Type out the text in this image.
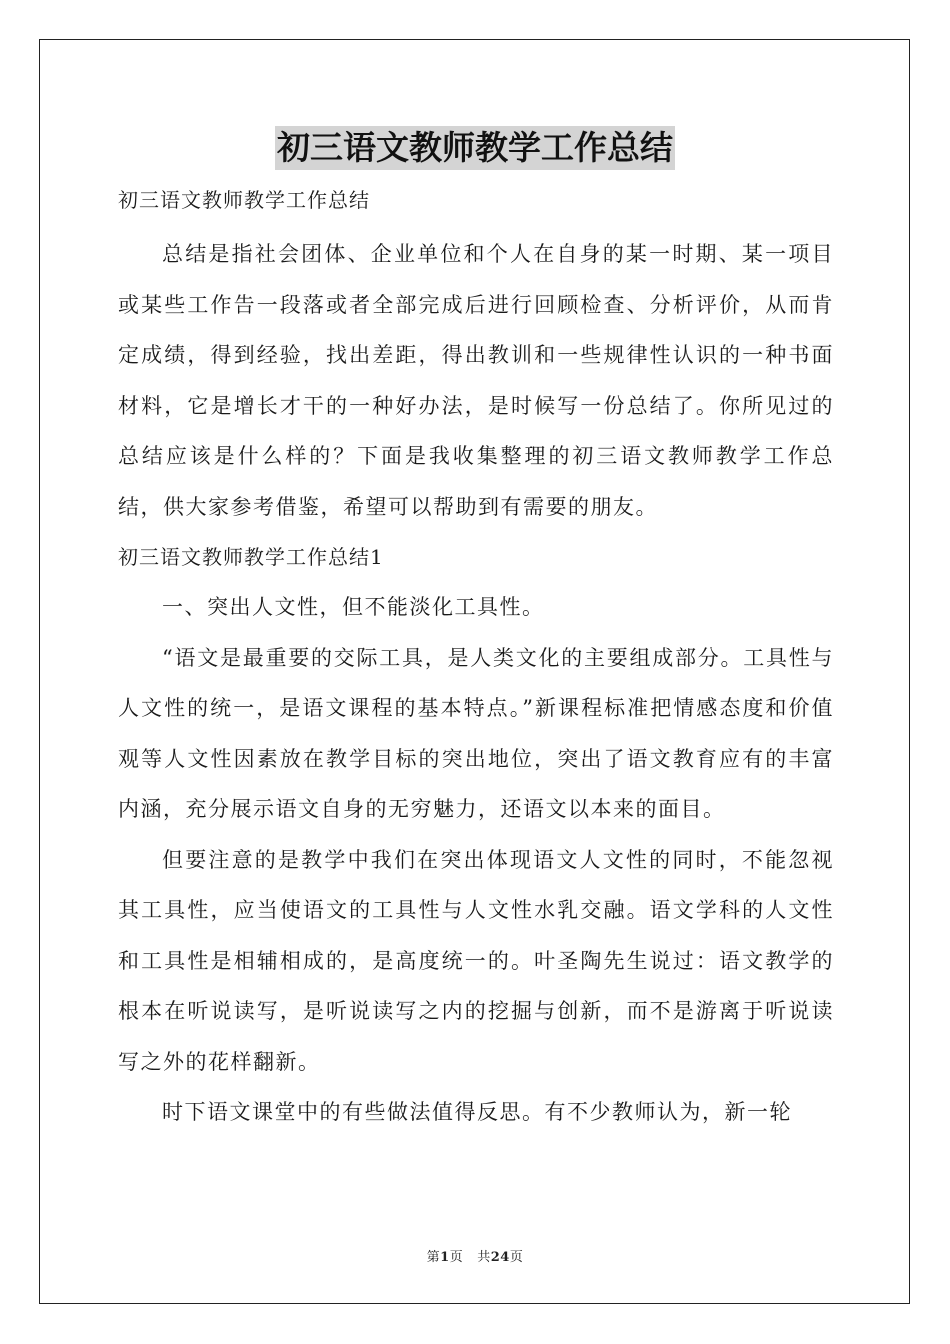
初三语文教师教学工作总结

初三语文教师教学工作总结

总结是指社会团体、企业单位和个人在自身的某一时期、某一项目或某些工作告一段落或者全部完成后进行回顾检查、分析评价，从而肯定成绩，得到经验，找出差距，得出教训和一些规律性认识的一种书面材料，它是增长才干的一种好办法，是时候写一份总结了。你所见过的总结应该是什么样的？下面是我收集整理的初三语文教师教学工作总结，供大家参考借鉴，希望可以帮助到有需要的朋友。

初三语文教师教学工作总结1

一、突出人文性，但不能淡化工具性。

“语文是最重要的交际工具，是人类文化的主要组成部分。工具性与人文性的统一，是语文课程的基本特点。”新课程标准把情感态度和价值观等人文性因素放在教学目标的突出地位，突出了语文教育应有的丰富内涵，充分展示语文自身的无穷魅力，还语文以本来的面目。

但要注意的是教学中我们在突出体现语文人文性的同时，不能忽视其工具性，应当使语文的工具性与人文性水乳交融。语文学科的人文性和工具性是相辅相成的，是高度统一的。叶圣陶先生说过：语文教学的根本在听说读写，是听说读写之内的挖掘与创新，而不是游离于听说读写之外的花样翻新。

时下语文课堂中的有些做法值得反思。有不少教师认为，新一轮

第1页 共24页
